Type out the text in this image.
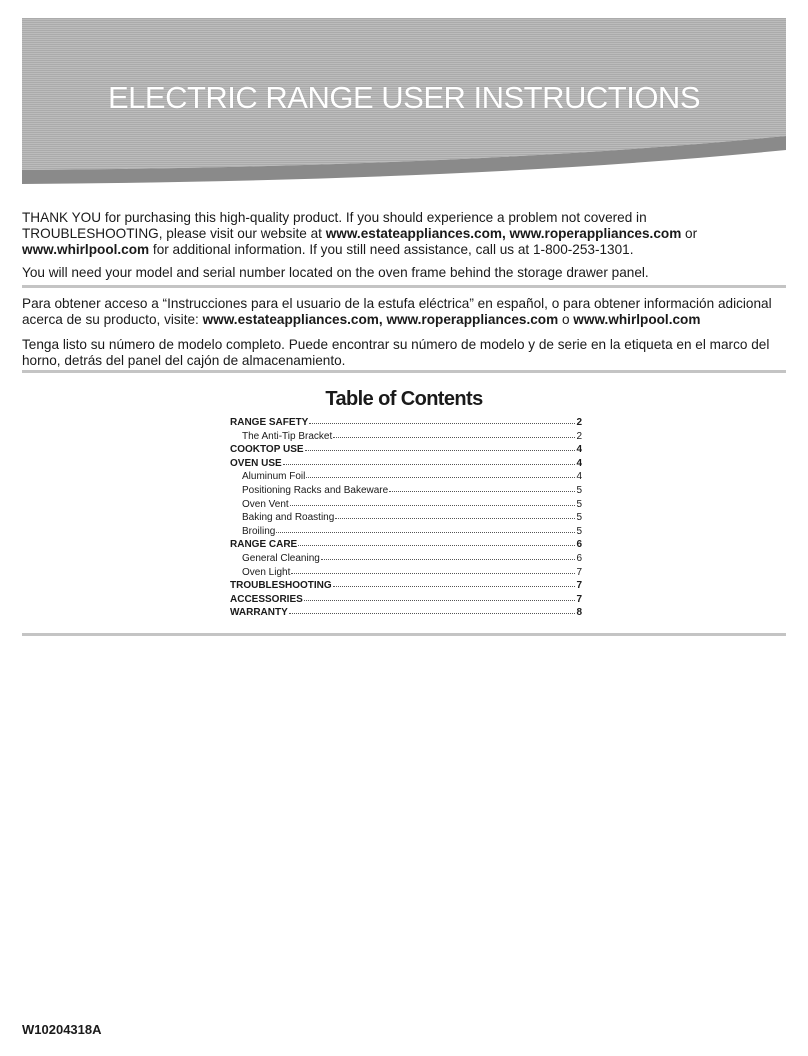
ELECTRIC RANGE USER INSTRUCTIONS

THANK YOU for purchasing this high-quality product. If you should experience a problem not covered in TROUBLESHOOTING, please visit our website at www.estateappliances.com, www.roperappliances.com or www.whirlpool.com for additional information. If you still need assistance, call us at 1-800-253-1301.

You will need your model and serial number located on the oven frame behind the storage drawer panel.

Para obtener acceso a “Instrucciones para el usuario de la estufa eléctrica” en español, o para obtener información adicional acerca de su producto, visite: www.estateappliances.com, www.roperappliances.com o www.whirlpool.com

Tenga listo su número de modelo completo. Puede encontrar su número de modelo y de serie en la etiqueta en el marco del horno, detrás del panel del cajón de almacenamiento.

Table of Contents
RANGE SAFETY	2
The Anti-Tip Bracket	2
COOKTOP USE	4
OVEN USE	4
Aluminum Foil	4
Positioning Racks and Bakeware	5
Oven Vent	5
Baking and Roasting	5
Broiling	5
RANGE CARE	6
General Cleaning	6
Oven Light	7
TROUBLESHOOTING	7
ACCESSORIES	7
WARRANTY	8
W10204318A
